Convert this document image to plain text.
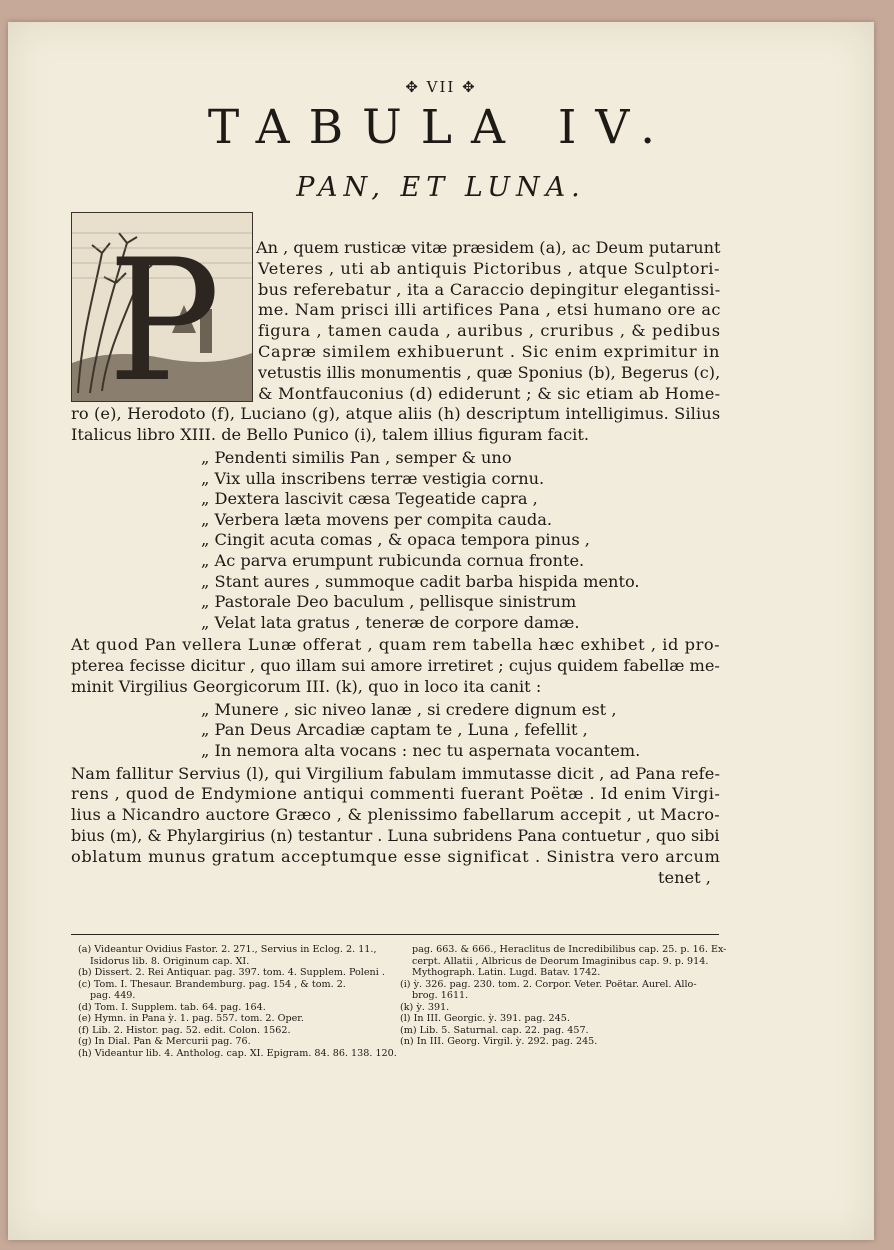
✥ VII ✥
TABULA IV.
PAN, ET LUNA.
P An , quem rusticæ vitæ præsidem (a), ac Deum putarunt
Veteres , uti ab antiquis Pictoribus , atque Sculptori-
bus referebatur , ita a Caraccio depingitur elegantissi-
me. Nam prisci illi artifices Pana , etsi humano ore ac
figura , tamen cauda , auribus , cruribus , & pedibus
Capræ similem exhibuerunt . Sic enim exprimitur in
vetustis illis monumentis , quæ Sponius (b), Begerus (c),
& Montfauconius (d) ediderunt ; & sic etiam ab Home-
ro (e), Herodoto (f), Luciano (g), atque aliis (h) descriptum intelligimus. Silius
Italicus libro XIII. de Bello Punico (i), talem illius figuram facit.
„ Pendenti similis Pan , semper & uno
„ Vix ulla inscribens terræ vestigia cornu.
„ Dextera lascivit cæsa Tegeatide capra ,
„ Verbera læta movens per compita cauda.
„ Cingit acuta comas , & opaca tempora pinus ,
„ Ac parva erumpunt rubicunda cornua fronte.
„ Stant aures , summoque cadit barba hispida mento.
„ Pastorale Deo baculum , pellisque sinistrum
„ Velat lata gratus , teneræ de corpore damæ.
At quod Pan vellera Lunæ offerat , quam rem tabella hæc exhibet , id pro-
pterea fecisse dicitur , quo illam sui amore irretiret ; cujus quidem fabellæ me-
minit Virgilius Georgicorum III. (k), quo in loco ita canit :
„ Munere , sic niveo lanæ , si credere dignum est ,
„ Pan Deus Arcadiæ captam te , Luna , fefellit ,
„ In nemora alta vocans : nec tu aspernata vocantem.
Nam fallitur Servius (l), qui Virgilium fabulam immutasse dicit , ad Pana refe-
rens , quod de Endymione antiqui commenti fuerant Poëtæ . Id enim Virgi-
lius a Nicandro auctore Græco , & plenissimo fabellarum accepit , ut Macro-
bius (m), & Phylargirius (n) testantur . Luna subridens Pana contuetur , quo sibi
oblatum munus gratum acceptumque esse significat . Sinistra vero arcum
tenet ,
(a) Videantur Ovidius Fastor. 2. 271., Servius in Eclog. 2. 11.,
Isidorus lib. 8. Originum cap. XI.
(b) Dissert. 2. Rei Antiquar. pag. 397. tom. 4. Supplem. Poleni .
(c) Tom. I. Thesaur. Brandemburg. pag. 154 , & tom. 2.
pag. 449.
(d) Tom. I. Supplem. tab. 64. pag. 164.
(e) Hymn. in Pana ỳ. 1. pag. 557. tom. 2. Oper.
(f) Lib. 2. Histor. pag. 52. edit. Colon. 1562.
(g) In Dial. Pan & Mercurii pag. 76.
(h) Videantur lib. 4. Antholog. cap. XI. Epigram. 84. 86. 138. 120.
pag. 663. & 666., Heraclitus de Incredibilibus cap. 25. p. 16. Ex-
cerpt. Allatii , Albricus de Deorum Imaginibus cap. 9. p. 914.
Mythograph. Latin. Lugd. Batav. 1742.
(i) ỳ. 326. pag. 230. tom. 2. Corpor. Veter. Poëtar. Aurel. Allo-
brog. 1611.
(k) ỳ. 391.
(l) In III. Georgic. ỳ. 391. pag. 245.
(m) Lib. 5. Saturnal. cap. 22. pag. 457.
(n) In III. Georg. Virgil. ỳ. 292. pag. 245.
